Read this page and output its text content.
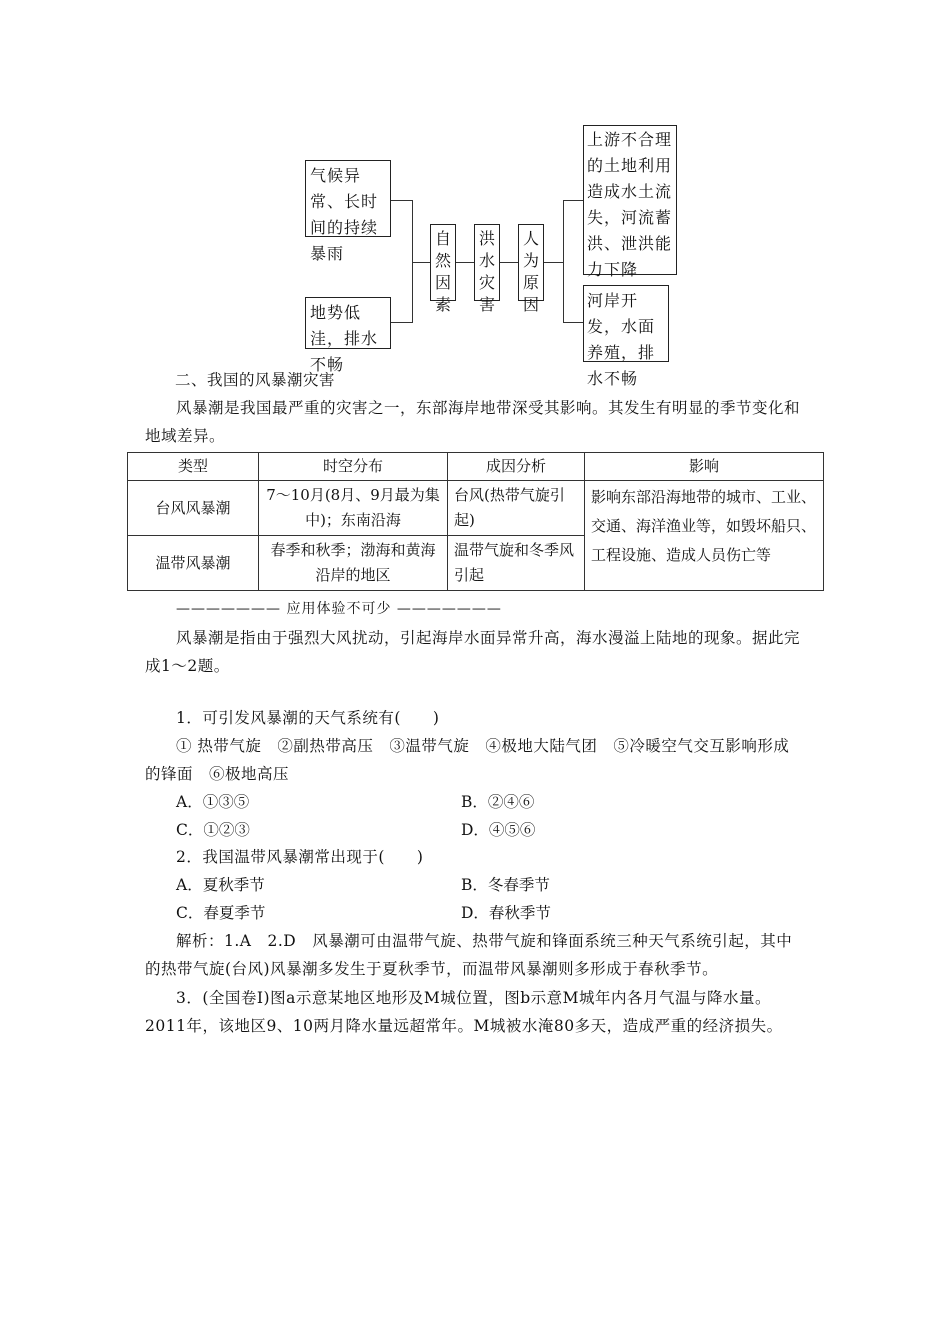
气候异常、长时间的持续暴雨
地势低洼，排水不畅
自
然
因
素
洪
水
灾
害
人
为
原
因
上游不合理的土地利用造成水土流失，河流蓄洪、泄洪能力下降
河岸开发，水面养殖，排水不畅
二、我国的风暴潮灾害
风暴潮是我国最严重的灾害之一，东部海岸地带深受其影响。其发生有明显的季节变化和地域差异。
类型	时空分布	成因分析	影响
台风风暴潮	7～10月(8月、9月最为集中)；东南沿海	台风(热带气旋引起)	影响东部沿海地带的城市、工业、交通、海洋渔业等，如毁坏船只、工程设施、造成人员伤亡等
温带风暴潮	春季和秋季；渤海和黄海沿岸的地区	温带气旋和冬季风引起	
——————— 应用体验不可少 ———————
风暴潮是指由于强烈大风扰动，引起海岸水面异常升高，海水漫溢上陆地的现象。据此完成1～2题。
1．可引发风暴潮的天气系统有(　　)
① 热带气旋　②副热带高压　③温带气旋　④极地大陆气团　⑤冷暖空气交互影响形成的锋面　⑥极地高压
A．①③⑤	B．②④⑥
C．①②③	D．④⑤⑥
2．我国温带风暴潮常出现于(　　)
A．夏秋季节	B．冬春季节
C．春夏季节	D．春秋季节
解析：1.A　2.D　风暴潮可由温带气旋、热带气旋和锋面系统三种天气系统引起，其中的热带气旋(台风)风暴潮多发生于夏秋季节，而温带风暴潮则多形成于春秋季节。
3．(全国卷Ⅰ)图a示意某地区地形及M城位置，图b示意M城年内各月气温与降水量。2011年，该地区9、10两月降水量远超常年。M城被水淹80多天，造成严重的经济损失。
